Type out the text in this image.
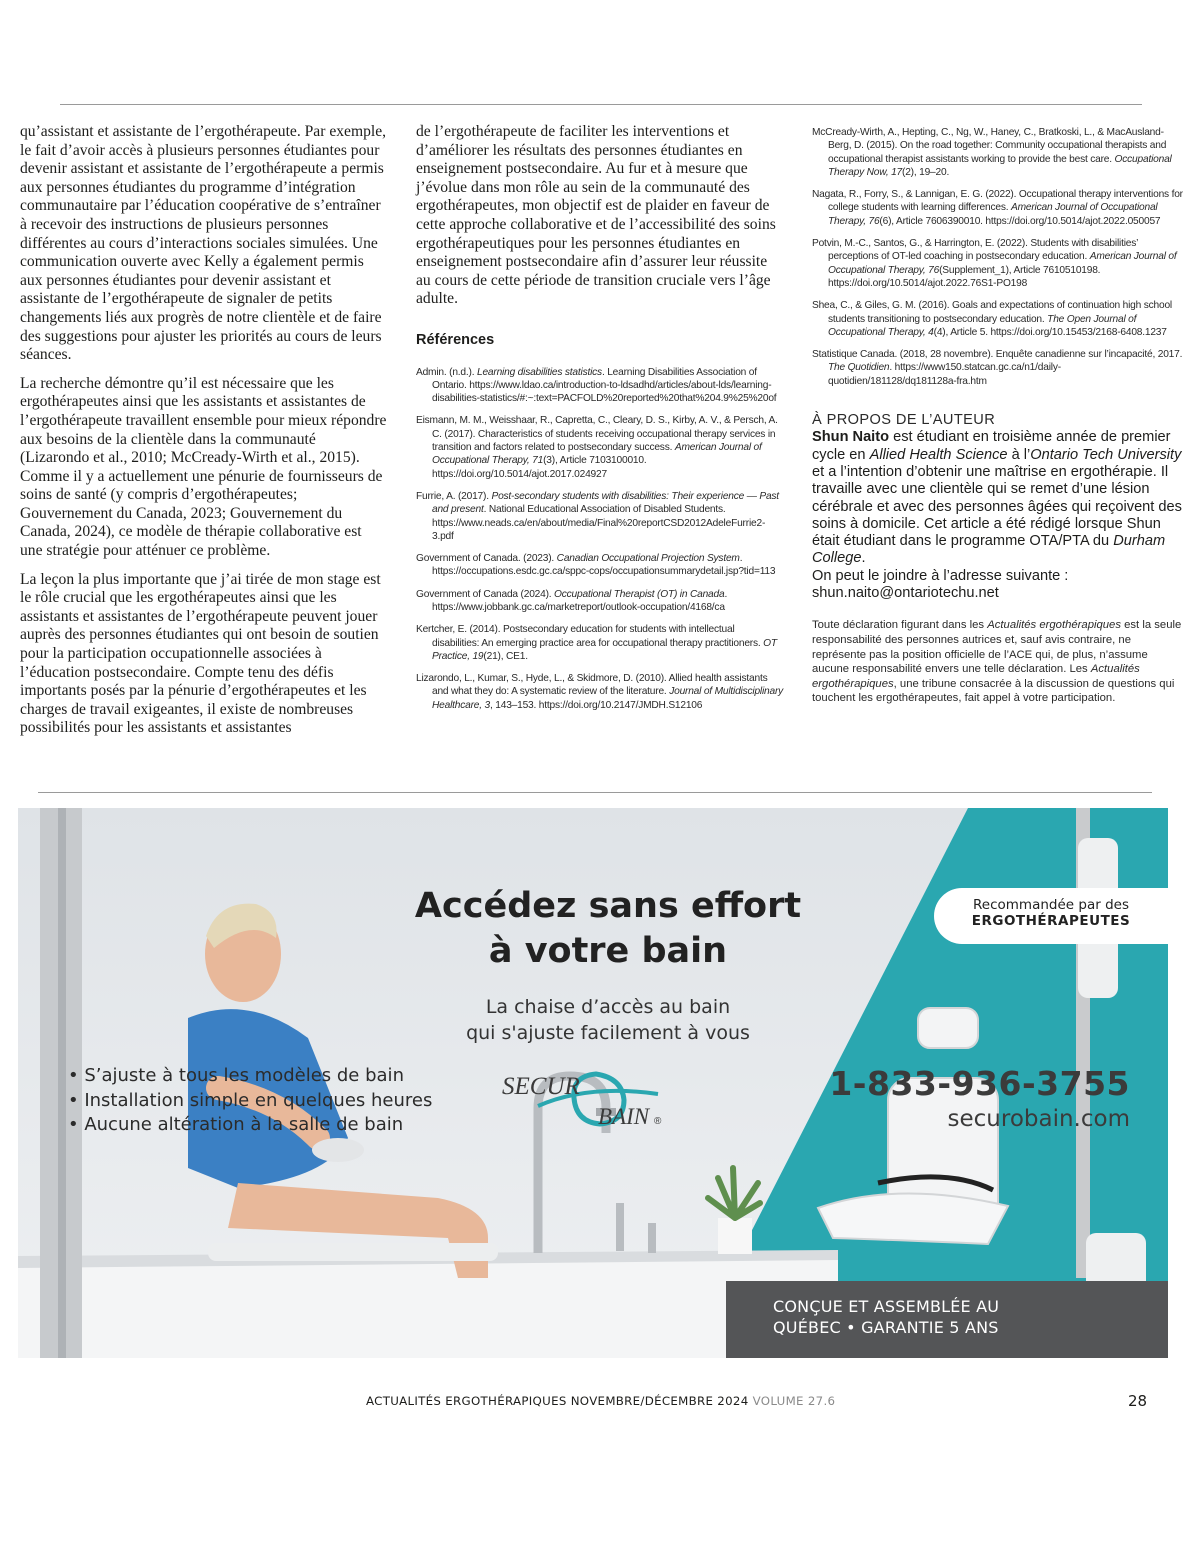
qu’assistant et assistante de l’ergothérapeute. Par exemple, le fait d’avoir accès à plusieurs personnes étudiantes pour devenir assistant et assistante de l’ergothérapeute a permis aux personnes étudiantes du programme d’intégration communautaire par l’éducation coopérative de s’entraîner à recevoir des instructions de plusieurs personnes différentes au cours d’interactions sociales simulées. Une communication ouverte avec Kelly a également permis aux personnes étudiantes pour devenir assistant et assistante de l’ergothérapeute de signaler de petits changements liés aux progrès de notre clientèle et de faire des suggestions pour ajuster les priorités au cours de leurs séances.

La recherche démontre qu’il est nécessaire que les ergothérapeutes ainsi que les assistants et assistantes de l’ergothérapeute travaillent ensemble pour mieux répondre aux besoins de la clientèle dans la communauté (Lizarondo et al., 2010; McCready-Wirth et al., 2015). Comme il y a actuellement une pénurie de fournisseurs de soins de santé (y compris d’ergothérapeutes; Gouvernement du Canada, 2023; Gouvernement du Canada, 2024), ce modèle de thérapie collaborative est une stratégie pour atténuer ce problème.

La leçon la plus importante que j’ai tirée de mon stage est le rôle crucial que les ergothérapeutes ainsi que les assistants et assistantes de l’ergothérapeute peuvent jouer auprès des personnes étudiantes qui ont besoin de soutien pour la participation occupationnelle associées à l’éducation postsecondaire. Compte tenu des défis importants posés par la pénurie d’ergothérapeutes et les charges de travail exigeantes, il existe de nombreuses possibilités pour les assistants et assistantes

de l’ergothérapeute de faciliter les interventions et d’améliorer les résultats des personnes étudiantes en enseignement postsecondaire. Au fur et à mesure que j’évolue dans mon rôle au sein de la communauté des ergothérapeutes, mon objectif est de plaider en faveur de cette approche collaborative et de l’accessibilité des soins ergothérapeutiques pour les personnes étudiantes en enseignement postsecondaire afin d’assurer leur réussite au cours de cette période de transition cruciale vers l’âge adulte.

Références
Admin. (n.d.). Learning disabilities statistics. Learning Disabilities Association of Ontario. https://www.ldao.ca/introduction-to-ldsadhd/articles/about-lds/learning-disabilities-statistics/#:~:text=PACFOLD%20reported%20that%204.9%25%20of
Eismann, M. M., Weisshaar, R., Capretta, C., Cleary, D. S., Kirby, A. V., & Persch, A. C. (2017). Characteristics of students receiving occupational therapy services in transition and factors related to postsecondary success. American Journal of Occupational Therapy, 71(3), Article 7103100010. https://doi.org/10.5014/ajot.2017.024927
Furrie, A. (2017). Post-secondary students with disabilities: Their experience — Past and present. National Educational Association of Disabled Students. https://www.neads.ca/en/about/media/Final%20reportCSD2012AdeleFurrie2-3.pdf
Government of Canada. (2023). Canadian Occupational Projection System. https://occupations.esdc.gc.ca/sppc-cops/occupationsummarydetail.jsp?tid=113
Government of Canada (2024). Occupational Therapist (OT) in Canada. https://www.jobbank.gc.ca/marketreport/outlook-occupation/4168/ca
Kertcher, E. (2014). Postsecondary education for students with intellectual disabilities: An emerging practice area for occupational therapy practitioners. OT Practice, 19(21), CE1.
Lizarondo, L., Kumar, S., Hyde, L., & Skidmore, D. (2010). Allied health assistants and what they do: A systematic review of the literature. Journal of Multidisciplinary Healthcare, 3, 143–153. https://doi.org/10.2147/JMDH.S12106
McCready-Wirth, A., Hepting, C., Ng, W., Haney, C., Bratkoski, L., & MacAusland-Berg, D. (2015). On the road together: Community occupational therapists and occupational therapist assistants working to provide the best care. Occupational Therapy Now, 17(2), 19–20.
Nagata, R., Forry, S., & Lannigan, E. G. (2022). Occupational therapy interventions for college students with learning differences. American Journal of Occupational Therapy, 76(6), Article 7606390010. https://doi.org/10.5014/ajot.2022.050057
Potvin, M.-C., Santos, G., & Harrington, E. (2022). Students with disabilities’ perceptions of OT-led coaching in postsecondary education. American Journal of Occupational Therapy, 76(Supplement_1), Article 7610510198. https://doi.org/10.5014/ajot.2022.76S1-PO198
Shea, C., & Giles, G. M. (2016). Goals and expectations of continuation high school students transitioning to postsecondary education. The Open Journal of Occupational Therapy, 4(4), Article 5. https://doi.org/10.15453/2168-6408.1237
Statistique Canada. (2018, 28 novembre). Enquête canadienne sur l’incapacité, 2017. The Quotidien. https://www150.statcan.gc.ca/n1/daily-quotidien/181128/dq181128a-fra.htm
À PROPOS DE L’AUTEUR
Shun Naito est étudiant en troisième année de premier cycle en Allied Health Science à l’Ontario Tech University et a l’intention d’obtenir une maîtrise en ergothérapie. Il travaille avec une clientèle qui se remet d’une lésion cérébrale et avec des personnes âgées qui reçoivent des soins à domicile. Cet article a été rédigé lorsque Shun était étudiant dans le programme OTA/PTA du Durham College.
On peut le joindre à l’adresse suivante :
shun.naito@ontariotechu.net
Toute déclaration figurant dans les Actualités ergothérapiques est la seule responsabilité des personnes autrices et, sauf avis contraire, ne représente pas la position officielle de l’ACE qui, de plus, n’assume aucune responsabilité envers une telle déclaration. Les Actualités ergothérapiques, une tribune consacrée à la discussion de questions qui touchent les ergothérapeutes, fait appel à votre participation.
Accédez sans effort
à votre bain
La chaise d’accès au bain
qui s'ajuste facilement à vous
Recommandée par des
ERGOTHÉRAPEUTES
CONÇUE ET ASSEMBLÉE AU
QUÉBEC • GARANTIE 5 ANS
• S’ajuste à tous les modèles de bain
• Installation simple en quelques heures
• Aucune altération à la salle de bain
SECUR
BAIN ®
1-833-936-3755
securobain.com
ACTUALITÉS ERGOTHÉRAPIQUES NOVEMBRE/DÉCEMBRE 2024 VOLUME 27.6	28
